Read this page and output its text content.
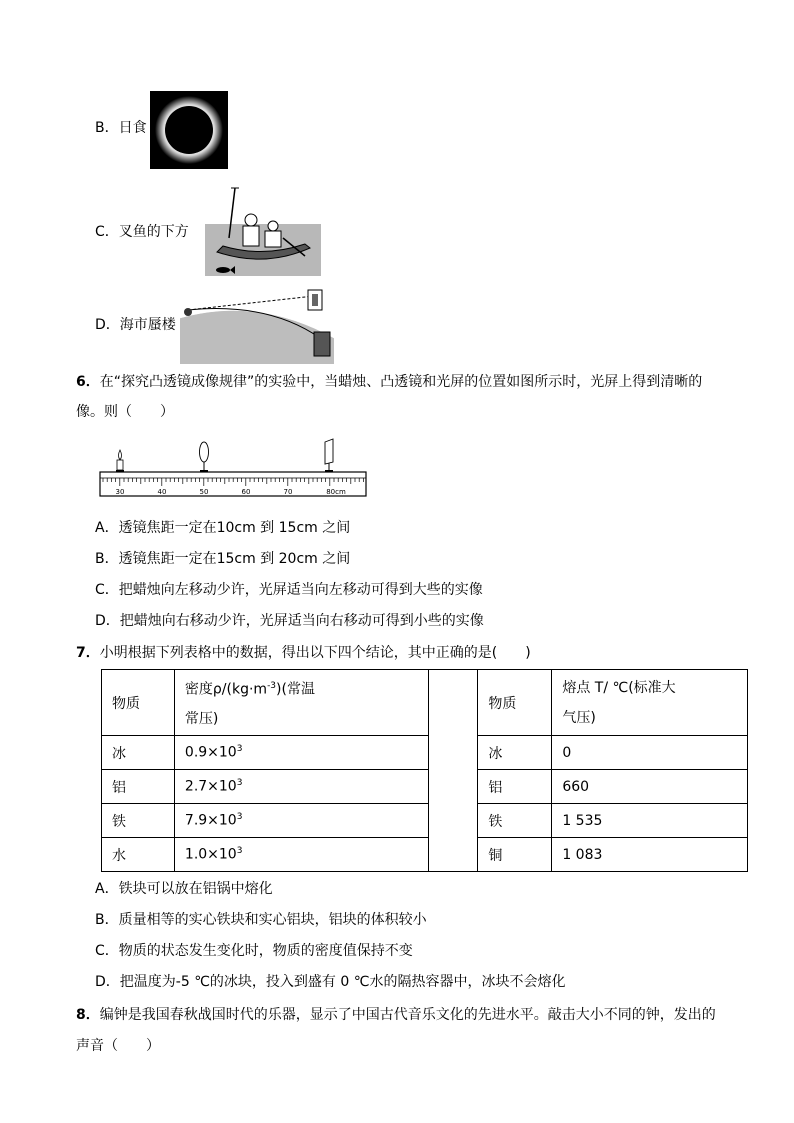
B．日食
C．叉鱼的下方
D．海市蜃楼
6．在“探究凸透镜成像规律”的实验中，当蜡烛、凸透镜和光屏的位置如图所示时，光屏上得到清晰的
像。则（　　）
30	40	50	60	70	80cm
A．透镜焦距一定在10cm 到 15cm 之间
B．透镜焦距一定在15cm 到 20cm 之间
C．把蜡烛向左移动少许，光屏适当向左移动可得到大些的实像
D．把蜡烛向右移动少许，光屏适当向右移动可得到小些的实像
7．小明根据下列表格中的数据，得出以下四个结论，其中正确的是(　　)
物质	密度$\rho/(kg\cdot m^{-3})$(常温
常压)		物质	熔点 T/ ℃(标准大
气压)
冰	$0.9\times 10^3$		冰	0
铝	$2.7\times 10^3$		铝	660
铁	$7.9\times 10^3$		铁	1 535
水	$1.0\times 10^3$		铜	1 083
A．铁块可以放在铝锅中熔化
B．质量相等的实心铁块和实心铝块，铝块的体积较小
C．物质的状态发生变化时，物质的密度值保持不变
D．把温度为-5 ℃的冰块，投入到盛有 0 ℃水的隔热容器中，冰块不会熔化
8．编钟是我国春秋战国时代的乐器，显示了中国古代音乐文化的先进水平。敲击大小不同的钟，发出的
声音（　　）
